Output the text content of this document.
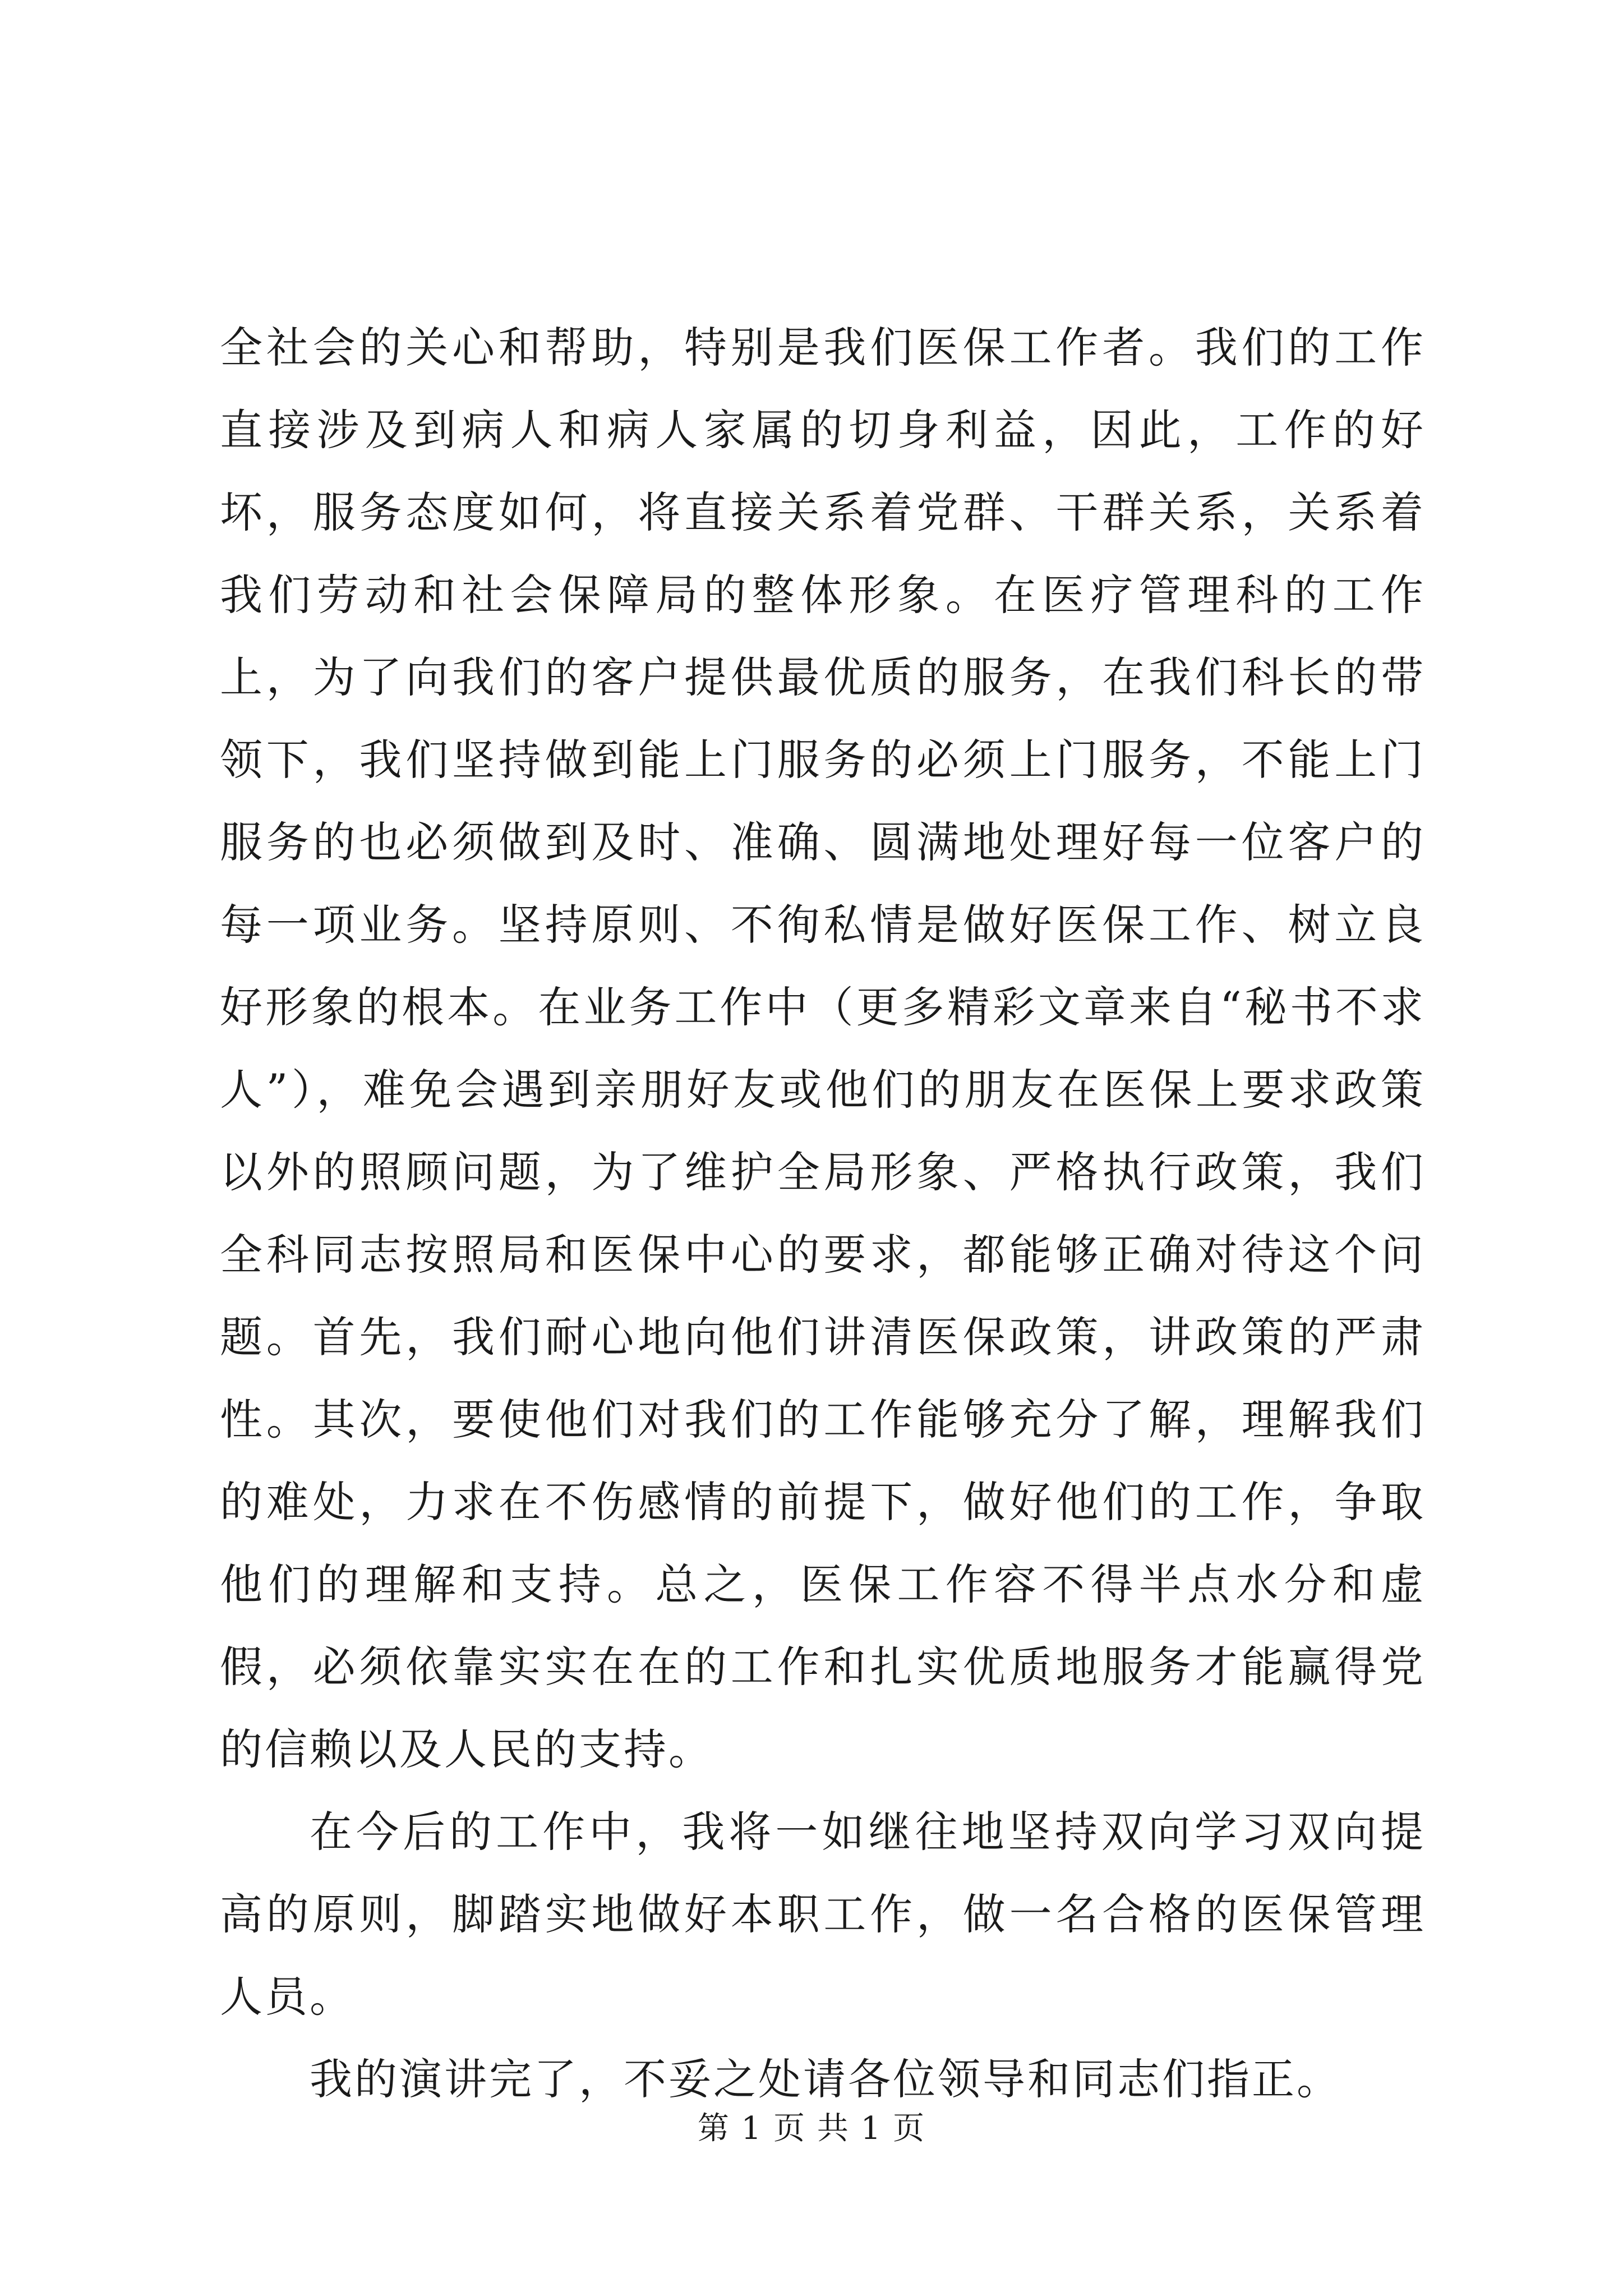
全社会的关心和帮助，特别是我们医保工作者。我们的工作直接涉及到病人和病人家属的切身利益，因此，工作的好坏，服务态度如何，将直接关系着党群、干群关系，关系着我们劳动和社会保障局的整体形象。在医疗管理科的工作上，为了向我们的客户提供最优质的服务，在我们科长的带领下，我们坚持做到能上门服务的必须上门服务，不能上门服务的也必须做到及时、准确、圆满地处理好每一位客户的每一项业务。坚持原则、不徇私情是做好医保工作、树立良好形象的根本。在业务工作中（更多精彩文章来自“秘书不求人”），难免会遇到亲朋好友或他们的朋友在医保上要求政策以外的照顾问题，为了维护全局形象、严格执行政策，我们全科同志按照局和医保中心的要求，都能够正确对待这个问题。首先，我们耐心地向他们讲清医保政策，讲政策的严肃性。其次，要使他们对我们的工作能够充分了解，理解我们的难处，力求在不伤感情的前提下，做好他们的工作，争取他们的理解和支持。总之，医保工作容不得半点水分和虚假，必须依靠实实在在的工作和扎实优质地服务才能赢得党的信赖以及人民的支持。

在今后的工作中，我将一如继往地坚持双向学习双向提高的原则，脚踏实地做好本职工作，做一名合格的医保管理人员。

我的演讲完了，不妥之处请各位领导和同志们指正。

第 1 页 共 1 页
